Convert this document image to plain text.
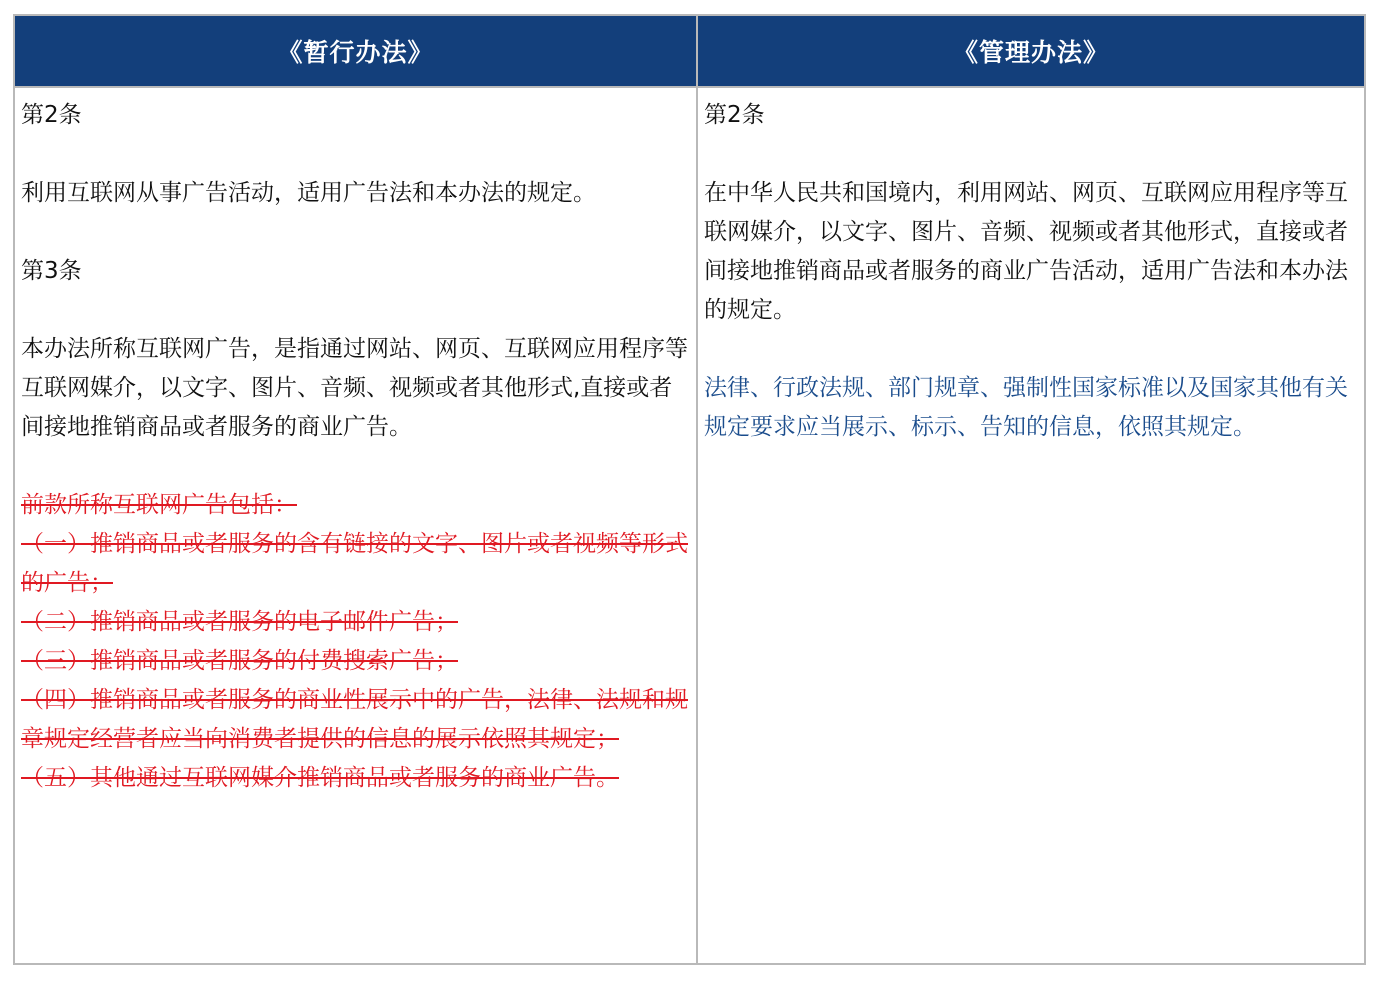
《暂行办法》	《管理办法》

第2条

利用互联网从事广告活动，适用广告法和本办法的规定。

第3条

本办法所称互联网广告，是指通过网站、网页、互联网应用程序等互联网媒介，以文字、图片、音频、视频或者其他形式,直接或者间接地推销商品或者服务的商业广告。

前款所称互联网广告包括：

（一）推销商品或者服务的含有链接的文字、图片或者视频等形式的广告；

（二）推销商品或者服务的电子邮件广告；

（三）推销商品或者服务的付费搜索广告；

（四）推销商品或者服务的商业性展示中的广告，法律、法规和规章规定经营者应当向消费者提供的信息的展示依照其规定；

（五）其他通过互联网媒介推销商品或者服务的商业广告。

第2条

在中华人民共和国境内，利用网站、网页、互联网应用程序等互联网媒介，以文字、图片、音频、视频或者其他形式，直接或者间接地推销商品或者服务的商业广告活动，适用广告法和本办法的规定。

法律、行政法规、部门规章、强制性国家标准以及国家其他有关规定要求应当展示、标示、告知的信息，依照其规定。
